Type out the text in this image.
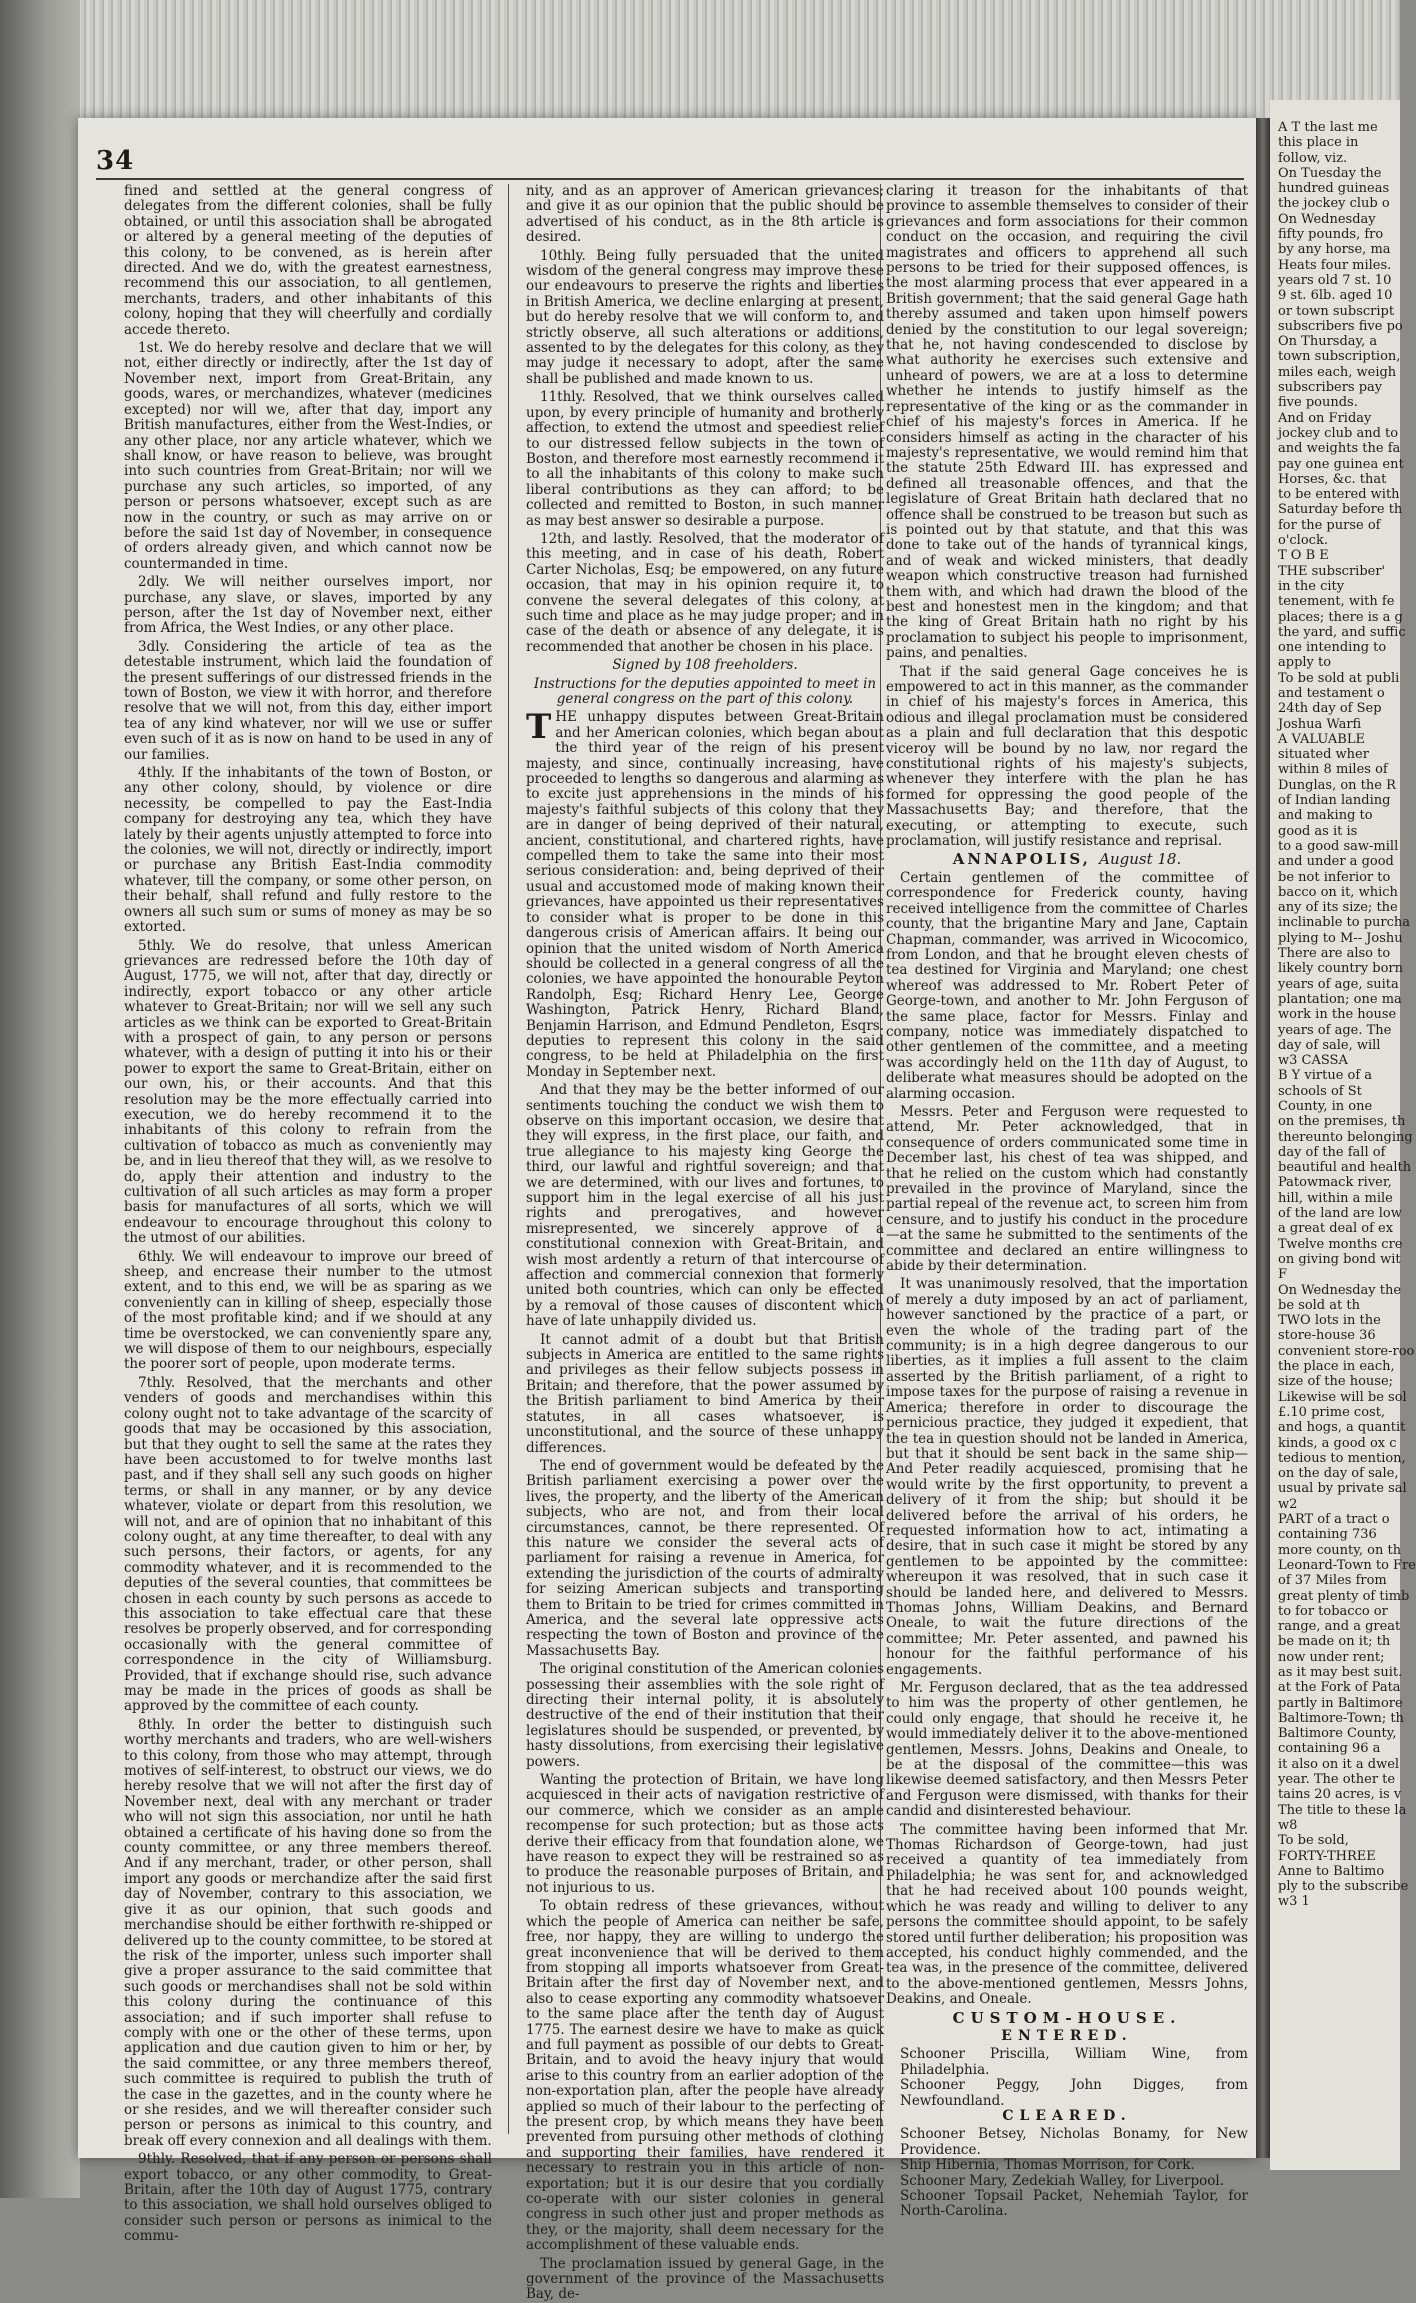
A T the last me
this place in
follow, viz.
On Tuesday the
hundred guineas
the jockey club o
On Wednesday
fifty pounds, fro
by any horse, ma
Heats four miles.
years old 7 st. 10
9 st. 6lb. aged 10
or town subscript
subscribers five po
On Thursday, a
town subscription,
miles each, weigh
subscribers pay
five pounds.
And on Friday
jockey club and to
and weights the fa
pay one guinea ent
Horses, &c. that
to be entered with
Saturday before th
for the purse of
o'clock.
T O B E
THE subscriber'
in the city
tenement, with fe
places; there is a g
the yard, and suffic
one intending to
apply to
To be sold at publi
and testament o
24th day of Sep
Joshua Warfi
A VALUABLE
situated wher
within 8 miles of
Dunglas, on the R
of Indian landing
and making to
good as it is
to a good saw-mill
and under a good
be not inferior to
bacco on it, which
any of its size; the
inclinable to purcha
plying to M-- Joshu
There are also to
likely country born
years of age, suita
plantation; one ma
work in the house
years of age. The
day of sale, will
w3 CASSA
B Y virtue of a
schools of St
County, in one
on the premises, th
thereunto belonging
day of the fall of
beautiful and health
Patowmack river,
hill, within a mile
of the land are low
a great deal of ex
Twelve months cre
on giving bond wit
F
On Wednesday the
be sold at th
TWO lots in the
store-house 36
convenient store-roo
the place in each,
size of the house;
Likewise will be sol
£.10 prime cost,
and hogs, a quantit
kinds, a good ox c
tedious to mention,
on the day of sale,
usual by private sal
w2
PART of a tract o
containing 736
more county, on th
Leonard-Town to Fre
of 37 Miles from
great plenty of timb
to for tobacco or
range, and a great
be made on it; th
now under rent;
as it may best suit.
at the Fork of Pata
partly in Baltimore
Baltimore-Town; th
Baltimore County,
containing 96 a
it also on it a dwel
year. The other te
tains 20 acres, is v
The title to these la
w8
To be sold,
FORTY-THREE
Anne to Baltimo
ply to the subscribe
w3 1
34

fined and settled at the general congress of delegates from the different colonies, shall be fully obtained, or until this association shall be abrogated or altered by a general meeting of the deputies of this colony, to be convened, as is herein after directed. And we do, with the greatest earnestness, recommend this our association, to all gentlemen, merchants, traders, and other inhabitants of this colony, hoping that they will cheerfully and cordially accede thereto.

1st. We do hereby resolve and declare that we will not, either directly or indirectly, after the 1st day of November next, import from Great-Britain, any goods, wares, or merchandizes, whatever (medicines excepted) nor will we, after that day, import any British manufactures, either from the West-Indies, or any other place, nor any article whatever, which we shall know, or have reason to believe, was brought into such countries from Great-Britain; nor will we purchase any such articles, so imported, of any person or persons whatsoever, except such as are now in the country, or such as may arrive on or before the said 1st day of November, in consequence of orders already given, and which cannot now be countermanded in time.

2dly. We will neither ourselves import, nor purchase, any slave, or slaves, imported by any person, after the 1st day of November next, either from Africa, the West Indies, or any other place.

3dly. Considering the article of tea as the detestable instrument, which laid the foundation of the present sufferings of our distressed friends in the town of Boston, we view it with horror, and therefore resolve that we will not, from this day, either import tea of any kind whatever, nor will we use or suffer even such of it as is now on hand to be used in any of our families.

4thly. If the inhabitants of the town of Boston, or any other colony, should, by violence or dire necessity, be compelled to pay the East-India company for destroying any tea, which they have lately by their agents unjustly attempted to force into the colonies, we will not, directly or indirectly, import or purchase any British East-India commodity whatever, till the company, or some other person, on their behalf, shall refund and fully restore to the owners all such sum or sums of money as may be so extorted.

5thly. We do resolve, that unless American grievances are redressed before the 10th day of August, 1775, we will not, after that day, directly or indirectly, export tobacco or any other article whatever to Great-Britain; nor will we sell any such articles as we think can be exported to Great-Britain with a prospect of gain, to any person or persons whatever, with a design of putting it into his or their power to export the same to Great-Britain, either on our own, his, or their accounts. And that this resolution may be the more effectually carried into execution, we do hereby recommend it to the inhabitants of this colony to refrain from the cultivation of tobacco as much as conveniently may be, and in lieu thereof that they will, as we resolve to do, apply their attention and industry to the cultivation of all such articles as may form a proper basis for manufactures of all sorts, which we will endeavour to encourage throughout this colony to the utmost of our abilities.

6thly. We will endeavour to improve our breed of sheep, and encrease their number to the utmost extent, and to this end, we will be as sparing as we conveniently can in killing of sheep, especially those of the most profitable kind; and if we should at any time be overstocked, we can conveniently spare any, we will dispose of them to our neighbours, especially the poorer sort of people, upon moderate terms.

7thly. Resolved, that the merchants and other venders of goods and merchandises within this colony ought not to take advantage of the scarcity of goods that may be occasioned by this association, but that they ought to sell the same at the rates they have been accustomed to for twelve months last past, and if they shall sell any such goods on higher terms, or shall in any manner, or by any device whatever, violate or depart from this resolution, we will not, and are of opinion that no inhabitant of this colony ought, at any time thereafter, to deal with any such persons, their factors, or agents, for any commodity whatever, and it is recommended to the deputies of the several counties, that committees be chosen in each county by such persons as accede to this association to take effectual care that these resolves be properly observed, and for corresponding occasionally with the general committee of correspondence in the city of Williamsburg. Provided, that if exchange should rise, such advance may be made in the prices of goods as shall be approved by the committee of each county.

8thly. In order the better to distinguish such worthy merchants and traders, who are well-wishers to this colony, from those who may attempt, through motives of self-interest, to obstruct our views, we do hereby resolve that we will not after the first day of November next, deal with any merchant or trader who will not sign this association, nor until he hath obtained a certificate of his having done so from the county committee, or any three members thereof. And if any merchant, trader, or other person, shall import any goods or merchandize after the said first day of November, contrary to this association, we give it as our opinion, that such goods and merchandise should be either forthwith re-shipped or delivered up to the county committee, to be stored at the risk of the importer, unless such importer shall give a proper assurance to the said committee that such goods or merchandises shall not be sold within this colony during the continuance of this association; and if such importer shall refuse to comply with one or the other of these terms, upon application and due caution given to him or her, by the said committee, or any three members thereof, such committee is required to publish the truth of the case in the gazettes, and in the county where he or she resides, and we will thereafter consider such person or persons as inimical to this country, and break off every connexion and all dealings with them.

9thly. Resolved, that if any person or persons shall export tobacco, or any other commodity, to Great-Britain, after the 10th day of August 1775, contrary to this association, we shall hold ourselves obliged to consider such person or persons as inimical to the commu-

nity, and as an approver of American grievances; and give it as our opinion that the public should be advertised of his conduct, as in the 8th article is desired.

10thly. Being fully persuaded that the united wisdom of the general congress may improve these our endeavours to preserve the rights and liberties in British America, we decline enlarging at present, but do hereby resolve that we will conform to, and strictly observe, all such alterations or additions, assented to by the delegates for this colony, as they may judge it necessary to adopt, after the same shall be published and made known to us.

11thly. Resolved, that we think ourselves called upon, by every principle of humanity and brotherly affection, to extend the utmost and speediest relief to our distressed fellow subjects in the town of Boston, and therefore most earnestly recommend it to all the inhabitants of this colony to make such liberal contributions as they can afford; to be collected and remitted to Boston, in such manner as may best answer so desirable a purpose.

12th, and lastly. Resolved, that the moderator of this meeting, and in case of his death, Robert Carter Nicholas, Esq; be empowered, on any future occasion, that may in his opinion require it, to convene the several delegates of this colony, at such time and place as he may judge proper; and in case of the death or absence of any delegate, it is recommended that another be chosen in his place.

Signed by 108 freeholders.

Instructions for the deputies appointed to meet in general congress on the part of this colony.

THE unhappy disputes between Great-Britain and her American colonies, which began about the third year of the reign of his present majesty, and since, continually increasing, have proceeded to lengths so dangerous and alarming as to excite just apprehensions in the minds of his majesty's faithful subjects of this colony that they are in danger of being deprived of their natural, ancient, constitutional, and chartered rights, have compelled them to take the same into their most serious consideration: and, being deprived of their usual and accustomed mode of making known their grievances, have appointed us their representatives to consider what is proper to be done in this dangerous crisis of American affairs. It being our opinion that the united wisdom of North America should be collected in a general congress of all the colonies, we have appointed the honourable Peyton Randolph, Esq; Richard Henry Lee, George Washington, Patrick Henry, Richard Bland, Benjamin Harrison, and Edmund Pendleton, Esqrs. deputies to represent this colony in the said congress, to be held at Philadelphia on the first Monday in September next.

And that they may be the better informed of our sentiments touching the conduct we wish them to observe on this important occasion, we desire that they will express, in the first place, our faith, and true allegiance to his majesty king George the third, our lawful and rightful sovereign; and that we are determined, with our lives and fortunes, to support him in the legal exercise of all his just rights and prerogatives, and however misrepresented, we sincerely approve of a constitutional connexion with Great-Britain, and wish most ardently a return of that intercourse of affection and commercial connexion that formerly united both countries, which can only be effected by a removal of those causes of discontent which have of late unhappily divided us.

It cannot admit of a doubt but that British subjects in America are entitled to the same rights and privileges as their fellow subjects possess in Britain; and therefore, that the power assumed by the British parliament to bind America by their statutes, in all cases whatsoever, is unconstitutional, and the source of these unhappy differences.

The end of government would be defeated by the British parliament exercising a power over the lives, the property, and the liberty of the American subjects, who are not, and from their local circumstances, cannot, be there represented. Of this nature we consider the several acts of parliament for raising a revenue in America, for extending the jurisdiction of the courts of admiralty for seizing American subjects and transporting them to Britain to be tried for crimes committed in America, and the several late oppressive acts respecting the town of Boston and province of the Massachusetts Bay.

The original constitution of the American colonies possessing their assemblies with the sole right of directing their internal polity, it is absolutely destructive of the end of their institution that their legislatures should be suspended, or prevented, by hasty dissolutions, from exercising their legislative powers.

Wanting the protection of Britain, we have long acquiesced in their acts of navigation restrictive of our commerce, which we consider as an ample recompense for such protection; but as those acts derive their efficacy from that foundation alone, we have reason to expect they will be restrained so as to produce the reasonable purposes of Britain, and not injurious to us.

To obtain redress of these grievances, without which the people of America can neither be safe, free, nor happy, they are willing to undergo the great inconvenience that will be derived to them from stopping all imports whatsoever from Great-Britain after the first day of November next, and also to cease exporting any commodity whatsoever to the same place after the tenth day of August 1775. The earnest desire we have to make as quick and full payment as possible of our debts to Great-Britain, and to avoid the heavy injury that would arise to this country from an earlier adoption of the non-exportation plan, after the people have already applied so much of their labour to the perfecting of the present crop, by which means they have been prevented from pursuing other methods of clothing and supporting their families, have rendered it necessary to restrain you in this article of non-exportation; but it is our desire that you cordially co-operate with our sister colonies in general congress in such other just and proper methods as they, or the majority, shall deem necessary for the accomplishment of these valuable ends.

The proclamation issued by general Gage, in the government of the province of the Massachusetts Bay, de-

claring it treason for the inhabitants of that province to assemble themselves to consider of their grievances and form associations for their common conduct on the occasion, and requiring the civil magistrates and officers to apprehend all such persons to be tried for their supposed offences, is the most alarming process that ever appeared in a British government; that the said general Gage hath thereby assumed and taken upon himself powers denied by the constitution to our legal sovereign; that he, not having condescended to disclose by what authority he exercises such extensive and unheard of powers, we are at a loss to determine whether he intends to justify himself as the representative of the king or as the commander in chief of his majesty's forces in America. If he considers himself as acting in the character of his majesty's representative, we would remind him that the statute 25th Edward III. has expressed and defined all treasonable offences, and that the legislature of Great Britain hath declared that no offence shall be construed to be treason but such as is pointed out by that statute, and that this was done to take out of the hands of tyrannical kings, and of weak and wicked ministers, that deadly weapon which constructive treason had furnished them with, and which had drawn the blood of the best and honestest men in the kingdom; and that the king of Great Britain hath no right by his proclamation to subject his people to imprisonment, pains, and penalties.

That if the said general Gage conceives he is empowered to act in this manner, as the commander in chief of his majesty's forces in America, this odious and illegal proclamation must be considered as a plain and full declaration that this despotic viceroy will be bound by no law, nor regard the constitutional rights of his majesty's subjects, whenever they interfere with the plan he has formed for oppressing the good people of the Massachusetts Bay; and therefore, that the executing, or attempting to execute, such proclamation, will justify resistance and reprisal.

ANNAPOLIS, August 18.

Certain gentlemen of the committee of correspondence for Frederick county, having received intelligence from the committee of Charles county, that the brigantine Mary and Jane, Captain Chapman, commander, was arrived in Wicocomico, from London, and that he brought eleven chests of tea destined for Virginia and Maryland; one chest whereof was addressed to Mr. Robert Peter of George-town, and another to Mr. John Ferguson of the same place, factor for Messrs. Finlay and company, notice was immediately dispatched to other gentlemen of the committee, and a meeting was accordingly held on the 11th day of August, to deliberate what measures should be adopted on the alarming occasion.

Messrs. Peter and Ferguson were requested to attend, Mr. Peter acknowledged, that in consequence of orders communicated some time in December last, his chest of tea was shipped, and that he relied on the custom which had constantly prevailed in the province of Maryland, since the partial repeal of the revenue act, to screen him from censure, and to justify his conduct in the procedure—at the same he submitted to the sentiments of the committee and declared an entire willingness to abide by their determination.

It was unanimously resolved, that the importation of merely a duty imposed by an act of parliament, however sanctioned by the practice of a part, or even the whole of the trading part of the community; is in a high degree dangerous to our liberties, as it implies a full assent to the claim asserted by the British parliament, of a right to impose taxes for the purpose of raising a revenue in America; therefore in order to discourage the pernicious practice, they judged it expedient, that the tea in question should not be landed in America, but that it should be sent back in the same ship—And Peter readily acquiesced, promising that he would write by the first opportunity, to prevent a delivery of it from the ship; but should it be delivered before the arrival of his orders, he requested information how to act, intimating a desire, that in such case it might be stored by any gentlemen to be appointed by the committee: whereupon it was resolved, that in such case it should be landed here, and delivered to Messrs. Thomas Johns, William Deakins, and Bernard Oneale, to wait the future directions of the committee; Mr. Peter assented, and pawned his honour for the faithful performance of his engagements.

Mr. Ferguson declared, that as the tea addressed to him was the property of other gentlemen, he could only engage, that should he receive it, he would immediately deliver it to the above-mentioned gentlemen, Messrs. Johns, Deakins and Oneale, to be at the disposal of the committee—this was likewise deemed satisfactory, and then Messrs Peter and Ferguson were dismissed, with thanks for their candid and disinterested behaviour.

The committee having been informed that Mr. Thomas Richardson of George-town, had just received a quantity of tea immediately from Philadelphia; he was sent for, and acknowledged that he had received about 100 pounds weight, which he was ready and willing to deliver to any persons the committee should appoint, to be safely stored until further deliberation; his proposition was accepted, his conduct highly commended, and the tea was, in the presence of the committee, delivered to the above-mentioned gentlemen, Messrs Johns, Deakins, and Oneale.

CUSTOM-HOUSE.

ENTERED.

Schooner Priscilla, William Wine, from Philadelphia.

Schooner Peggy, John Digges, from Newfoundland.

CLEARED.

Schooner Betsey, Nicholas Bonamy, for New Providence.

Ship Hibernia, Thomas Morrison, for Cork.

Schooner Mary, Zedekiah Walley, for Liverpool.

Schooner Topsail Packet, Nehemiah Taylor, for North-Carolina.
